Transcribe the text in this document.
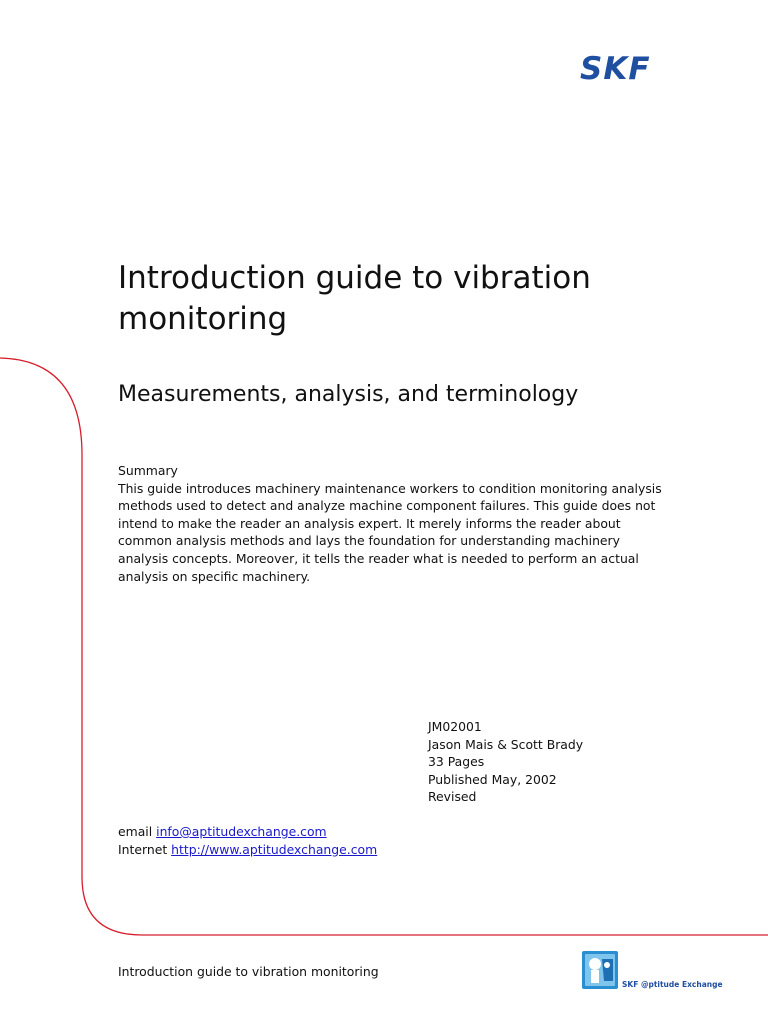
SKF
Introduction guide to vibration monitoring
Measurements, analysis, and terminology
Summary
This guide introduces machinery maintenance workers to condition monitoring analysis
methods used to detect and analyze machine component failures. This guide does not
intend to make the reader an analysis expert. It merely informs the reader about
common analysis methods and lays the foundation for understanding machinery
analysis concepts. Moreover, it tells the reader what is needed to perform an actual
analysis on specific machinery.
JM02001
Jason Mais & Scott Brady
33 Pages
Published May, 2002
Revised
email info@aptitudexchange.com
Internet http://www.aptitudexchange.com
Introduction guide to vibration monitoring
SKF @ptitude Exchange
